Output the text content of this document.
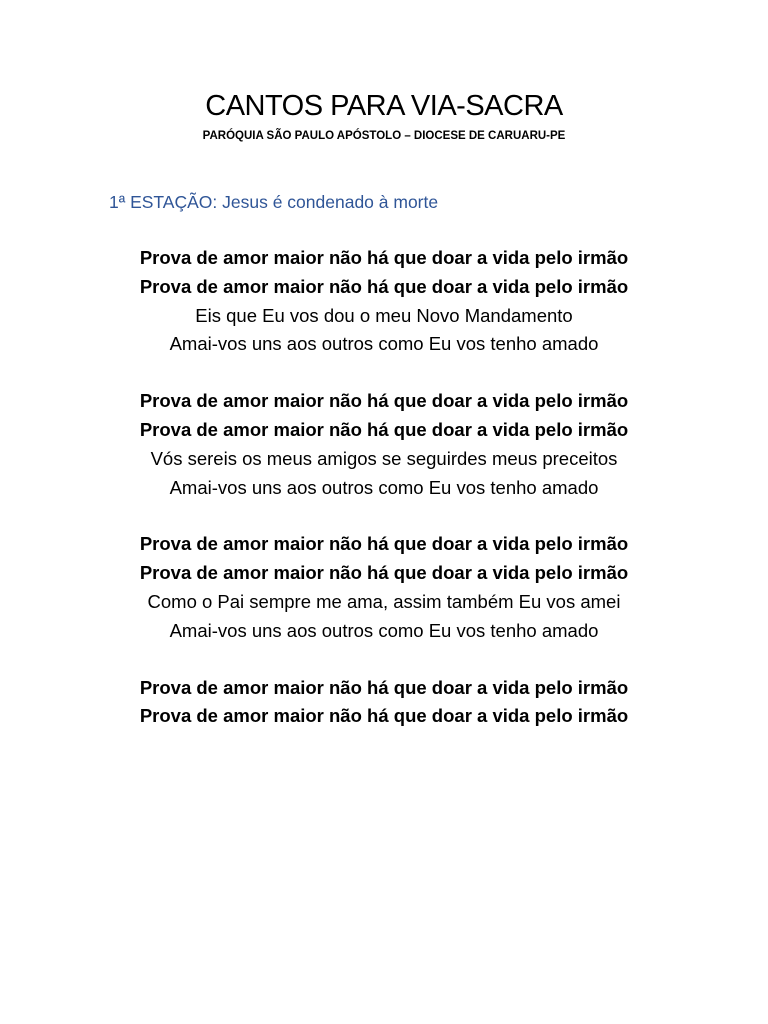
CANTOS PARA VIA-SACRA
PARÓQUIA SÃO PAULO APÓSTOLO – DIOCESE DE CARUARU-PE
1ª ESTAÇÃO: Jesus é condenado à morte
Prova de amor maior não há que doar a vida pelo irmão
Prova de amor maior não há que doar a vida pelo irmão
Eis que Eu vos dou o meu Novo Mandamento
Amai-vos uns aos outros como Eu vos tenho amado
Prova de amor maior não há que doar a vida pelo irmão
Prova de amor maior não há que doar a vida pelo irmão
Vós sereis os meus amigos se seguirdes meus preceitos
Amai-vos uns aos outros como Eu vos tenho amado
Prova de amor maior não há que doar a vida pelo irmão
Prova de amor maior não há que doar a vida pelo irmão
Como o Pai sempre me ama, assim também Eu vos amei
Amai-vos uns aos outros como Eu vos tenho amado
Prova de amor maior não há que doar a vida pelo irmão
Prova de amor maior não há que doar a vida pelo irmão
